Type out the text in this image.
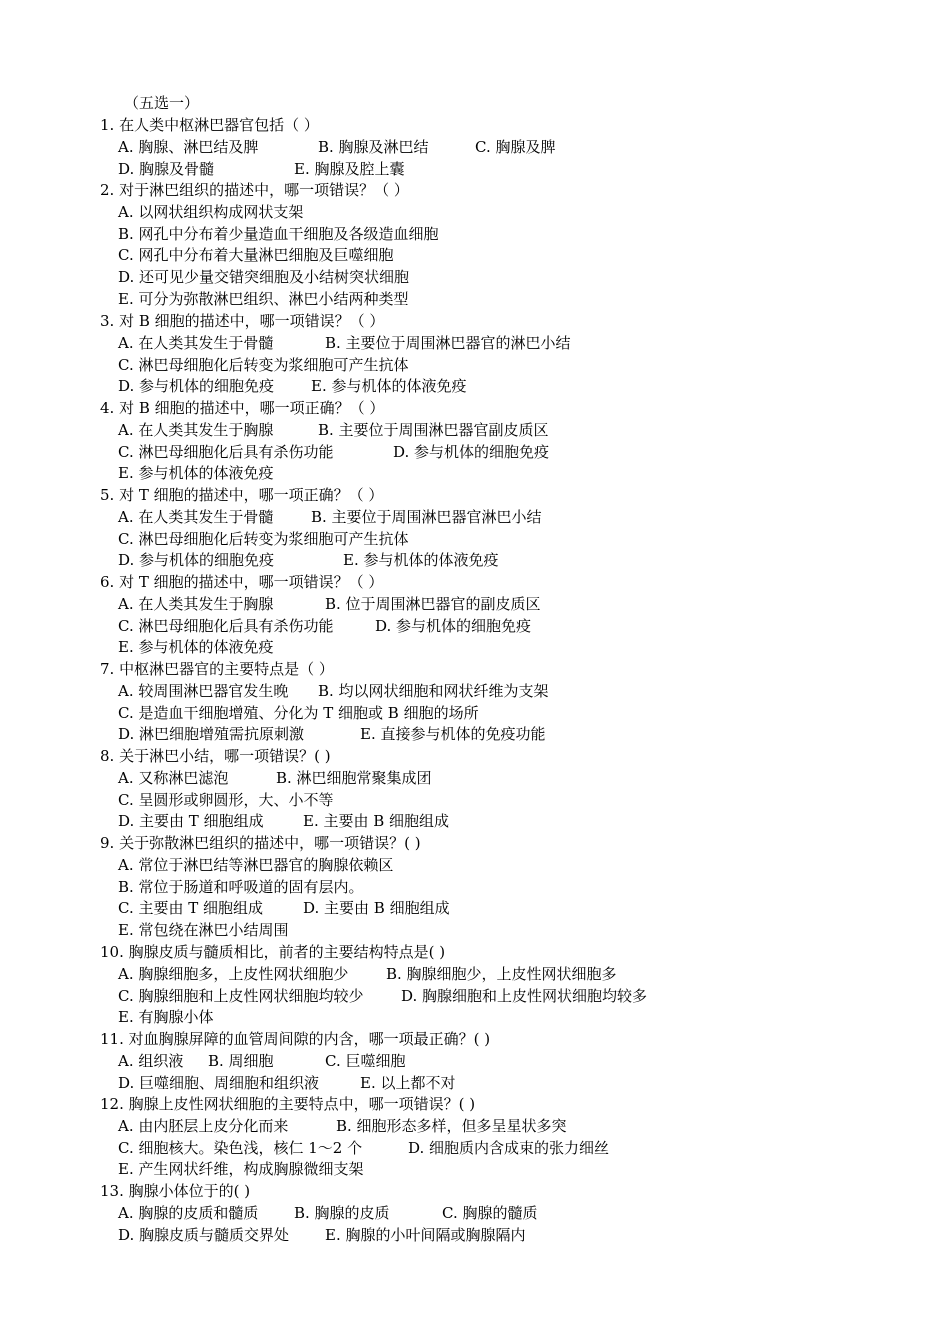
（五选一）
1. 在人类中枢淋巴器官包括（ ）
A. 胸腺、淋巴结及脾	B. 胸腺及淋巴结	C. 胸腺及脾
D. 胸腺及骨髓	E. 胸腺及腔上囊
2. 对于淋巴组织的描述中，哪一项错误？（ ）
A. 以网状组织构成网状支架
B. 网孔中分布着少量造血干细胞及各级造血细胞
C. 网孔中分布着大量淋巴细胞及巨噬细胞
D. 还可见少量交错突细胞及小结树突状细胞
E. 可分为弥散淋巴组织、淋巴小结两种类型
3. 对 B 细胞的描述中，哪一项错误？（ ）
A. 在人类其发生于骨髓	B. 主要位于周围淋巴器官的淋巴小结
C. 淋巴母细胞化后转变为浆细胞可产生抗体
D. 参与机体的细胞免疫 E. 参与机体的体液免疫
4. 对 B 细胞的描述中，哪一项正确？（ ）
A. 在人类其发生于胸腺	B. 主要位于周围淋巴器官副皮质区
C. 淋巴母细胞化后具有杀伤功能	D. 参与机体的细胞免疫
E. 参与机体的体液免疫
5. 对 T 细胞的描述中，哪一项正确？（ ）
A. 在人类其发生于骨髓	B. 主要位于周围淋巴器官淋巴小结
C. 淋巴母细胞化后转变为浆细胞可产生抗体
D. 参与机体的细胞免疫	E. 参与机体的体液免疫
6. 对 T 细胞的描述中，哪一项错误？（ ）
A. 在人类其发生于胸腺	B. 位于周围淋巴器官的副皮质区
C. 淋巴母细胞化后具有杀伤功能	D. 参与机体的细胞免疫
E. 参与机体的体液免疫
7. 中枢淋巴器官的主要特点是（ ）
A. 较周围淋巴器官发生晚 B. 均以网状细胞和网状纤维为支架
C. 是造血干细胞增殖、分化为 T 细胞或 B 细胞的场所
D. 淋巴细胞增殖需抗原刺激	E. 直接参与机体的免疫功能
8. 关于淋巴小结，哪一项错误？( )
A. 又称淋巴滤泡	B. 淋巴细胞常聚集成团
C. 呈圆形或卵圆形，大、小不等
D. 主要由 T 细胞组成	E. 主要由 B 细胞组成
9. 关于弥散淋巴组织的描述中，哪一项错误？( )
A. 常位于淋巴结等淋巴器官的胸腺依赖区
B. 常位于肠道和呼吸道的固有层内。
C. 主要由 T 细胞组成	D. 主要由 B 细胞组成
E. 常包绕在淋巴小结周围
10. 胸腺皮质与髓质相比，前者的主要结构特点是( )
A. 胸腺细胞多，上皮性网状细胞少	B. 胸腺细胞少，上皮性网状细胞多
C. 胸腺细胞和上皮性网状细胞均较少	D. 胸腺细胞和上皮性网状细胞均较多
E. 有胸腺小体
11. 对血胸腺屏障的血管周间隙的内含，哪一项最正确？( )
A. 组织液 B. 周细胞	C. 巨噬细胞
D. 巨噬细胞、周细胞和组织液	E. 以上都不对
12. 胸腺上皮性网状细胞的主要特点中，哪一项错误？( )
A. 由内胚层上皮分化而来	B. 细胞形态多样，但多呈星状多突
C. 细胞核大。染色浅，核仁 1～2 个	D. 细胞质内含成束的张力细丝
E. 产生网状纤维，构成胸腺微细支架
13. 胸腺小体位于的( )
A. 胸腺的皮质和髓质 B. 胸腺的皮质	C. 胸腺的髓质
D. 胸腺皮质与髓质交界处 E. 胸腺的小叶间隔或胸腺隔内
